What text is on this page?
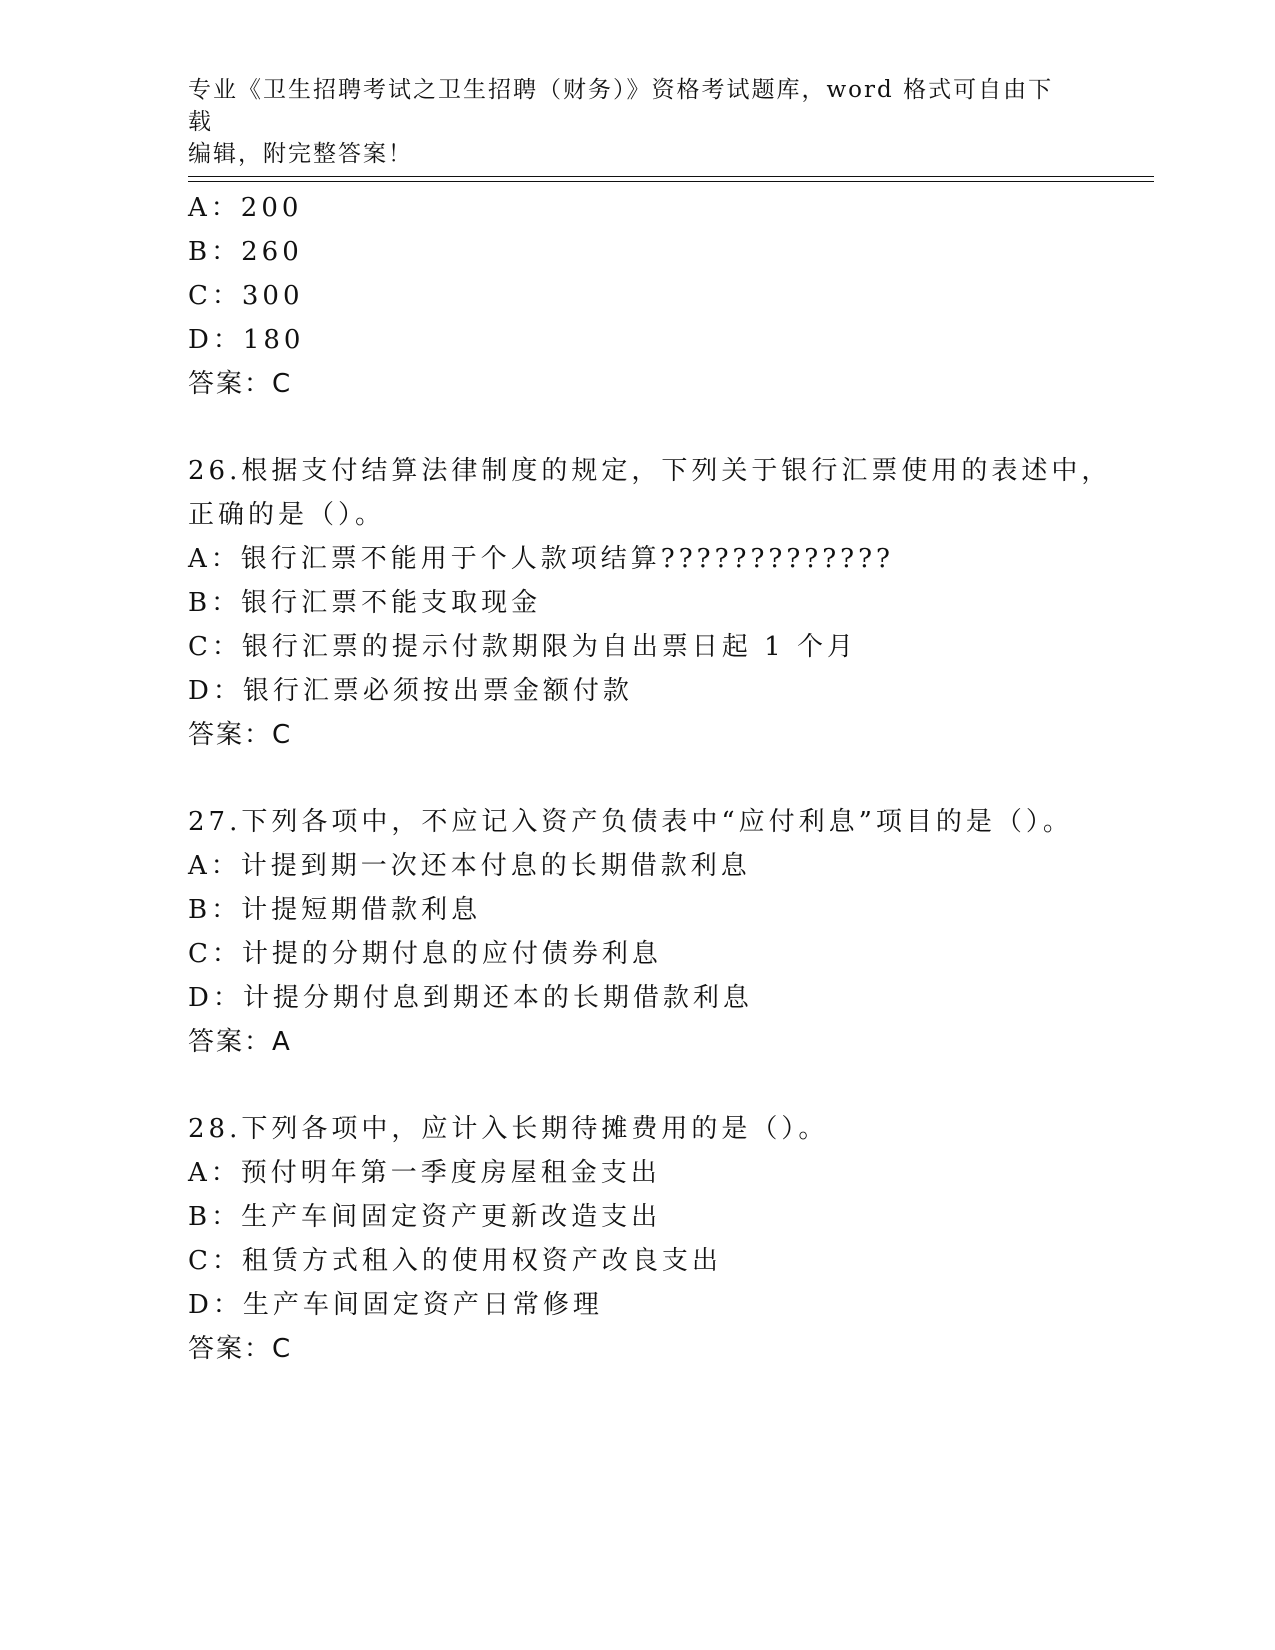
专业《卫生招聘考试之卫生招聘（财务）》资格考试题库，word 格式可自由下载
编辑，附完整答案！
A：200
B：260
C：300
D：180
答案：C
26.根据支付结算法律制度的规定，下列关于银行汇票使用的表述中，
正确的是（）。
A：银行汇票不能用于个人款项结算?????????????
B：银行汇票不能支取现金
C：银行汇票的提示付款期限为自出票日起 1 个月
D：银行汇票必须按出票金额付款
答案：C
27.下列各项中，不应记入资产负债表中“应付利息”项目的是（）。
A：计提到期一次还本付息的长期借款利息
B：计提短期借款利息
C：计提的分期付息的应付债券利息
D：计提分期付息到期还本的长期借款利息
答案：A
28.下列各项中，应计入长期待摊费用的是（）。
A：预付明年第一季度房屋租金支出
B：生产车间固定资产更新改造支出
C：租赁方式租入的使用权资产改良支出
D：生产车间固定资产日常修理
答案：C
